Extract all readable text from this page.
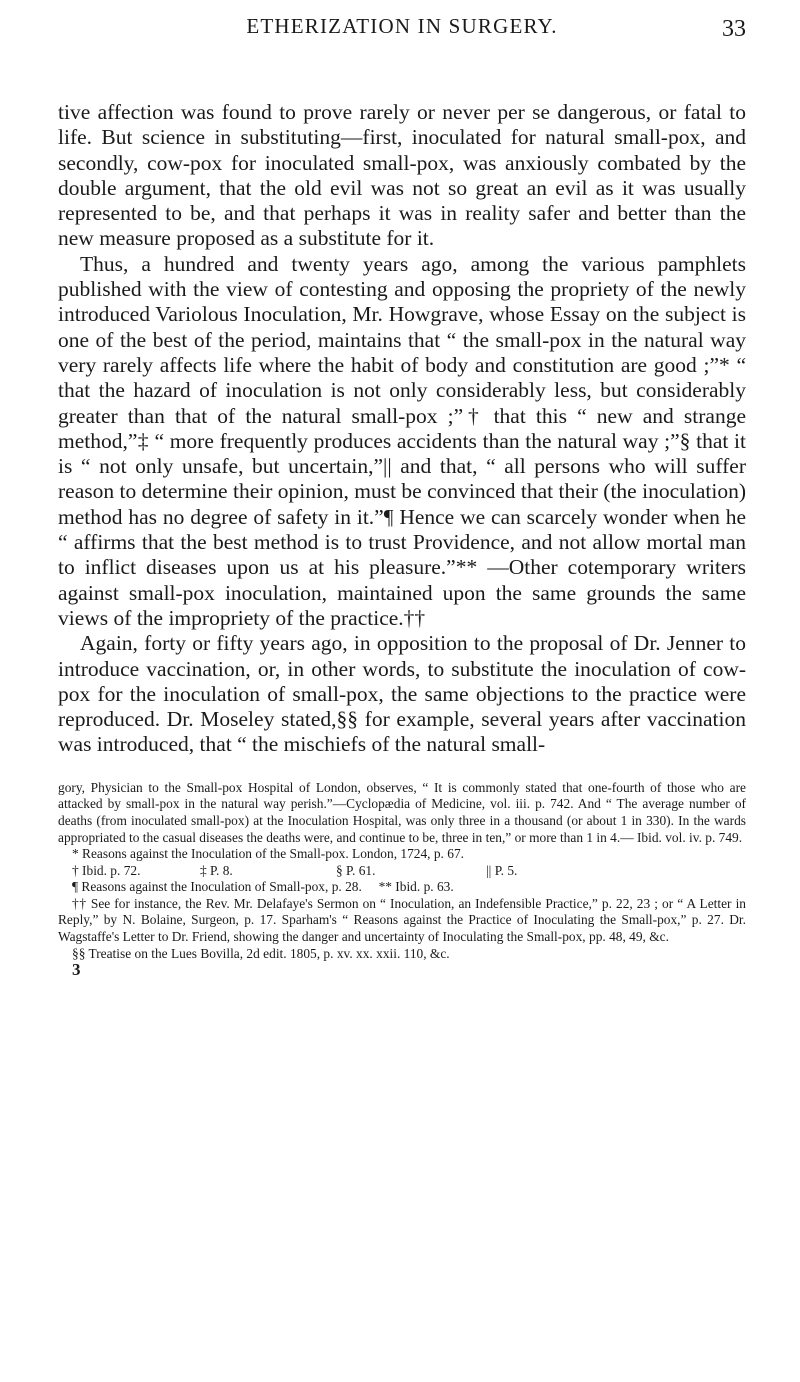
ETHERIZATION IN SURGERY.	33

tive affection was found to prove rarely or never per se dangerous, or fatal to life. But science in substituting—first, inoculated for natural small-pox, and secondly, cow-pox for inoculated small-pox, was anxiously combated by the double argument, that the old evil was not so great an evil as it was usually represented to be, and that perhaps it was in reality safer and better than the new measure proposed as a substitute for it.

Thus, a hundred and twenty years ago, among the various pamphlets published with the view of contesting and opposing the propriety of the newly introduced Variolous Inoculation, Mr. Howgrave, whose Essay on the subject is one of the best of the period, maintains that “ the small-pox in the natural way very rarely affects life where the habit of body and constitution are good ;”* “ that the hazard of inoculation is not only considerably less, but considerably greater than that of the natural small-pox ;”† that this “ new and strange method,”‡ “ more frequently produces accidents than the natural way ;”§ that it is “ not only unsafe, but uncertain,”|| and that, “ all persons who will suffer reason to determine their opinion, must be convinced that their (the inoculation) method has no degree of safety in it.”¶ Hence we can scarcely wonder when he “ affirms that the best method is to trust Providence, and not allow mortal man to inflict diseases upon us at his pleasure.”** —Other cotemporary writers against small-pox inoculation, maintained upon the same grounds the same views of the impropriety of the practice.††

Again, forty or fifty years ago, in opposition to the proposal of Dr. Jenner to introduce vaccination, or, in other words, to substitute the inoculation of cow-pox for the inoculation of small-pox, the same objections to the practice were reproduced. Dr. Moseley stated,§§ for example, several years after vaccination was introduced, that “ the mischiefs of the natural small-

gory, Physician to the Small-pox Hospital of London, observes, “ It is commonly stated that one-fourth of those who are attacked by small-pox in the natural way perish.”—Cyclopædia of Medicine, vol. iii. p. 742. And “ The average number of deaths (from inoculated small-pox) at the Inoculation Hospital, was only three in a thousand (or about 1 in 330). In the wards appropriated to the casual diseases the deaths were, and continue to be, three in ten,” or more than 1 in 4.— Ibid. vol. iv. p. 749.

* Reasons against the Inoculation of the Small-pox. London, 1724, p. 67.

† Ibid. p. 72.	‡ P. 8.	§ P. 61.	|| P. 5.

¶ Reasons against the Inoculation of Small-pox, p. 28.     ** Ibid. p. 63.

†† See for instance, the Rev. Mr. Delafaye's Sermon on “ Inoculation, an Indefensible Practice,” p. 22, 23 ; or “ A Letter in Reply,” by N. Bolaine, Surgeon, p. 17. Sparham's “ Reasons against the Practice of Inoculating the Small-pox,” p. 27. Dr. Wagstaffe's Letter to Dr. Friend, showing the danger and uncertainty of Inoculating the Small-pox, pp. 48, 49, &c.

§§ Treatise on the Lues Bovilla, 2d edit. 1805, p. xv. xx. xxii. 110, &c.

3
